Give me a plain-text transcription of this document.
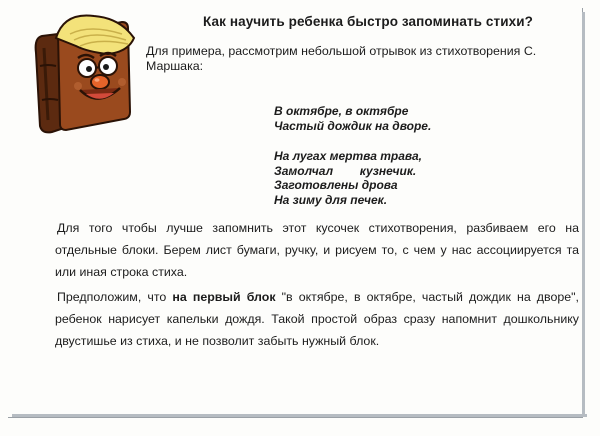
Как научить ребенка быстро запоминать стихи?
Для примера, рассмотрим небольшой отрывок из стихотворения С. Маршака:
В октябре, в октябре
Частый дождик на дворе.
На лугах мертва трава,
Замолчал        кузнечик.
Заготовлены дрова
На зиму для печек.
Для того чтобы лучше запомнить этот кусочек стихотворения, разбиваем его на отдельные блоки. Берем лист бумаги, ручку, и рисуем то, с чем у нас ассоциируется та или иная строка стиха.
Предположим, что на первый блок "в октябре, в октябре, частый дождик на дворе", ребенок нарисует капельки дождя. Такой простой образ сразу напомнит дошкольнику двустишье из стиха, и не позволит забыть нужный блок.
